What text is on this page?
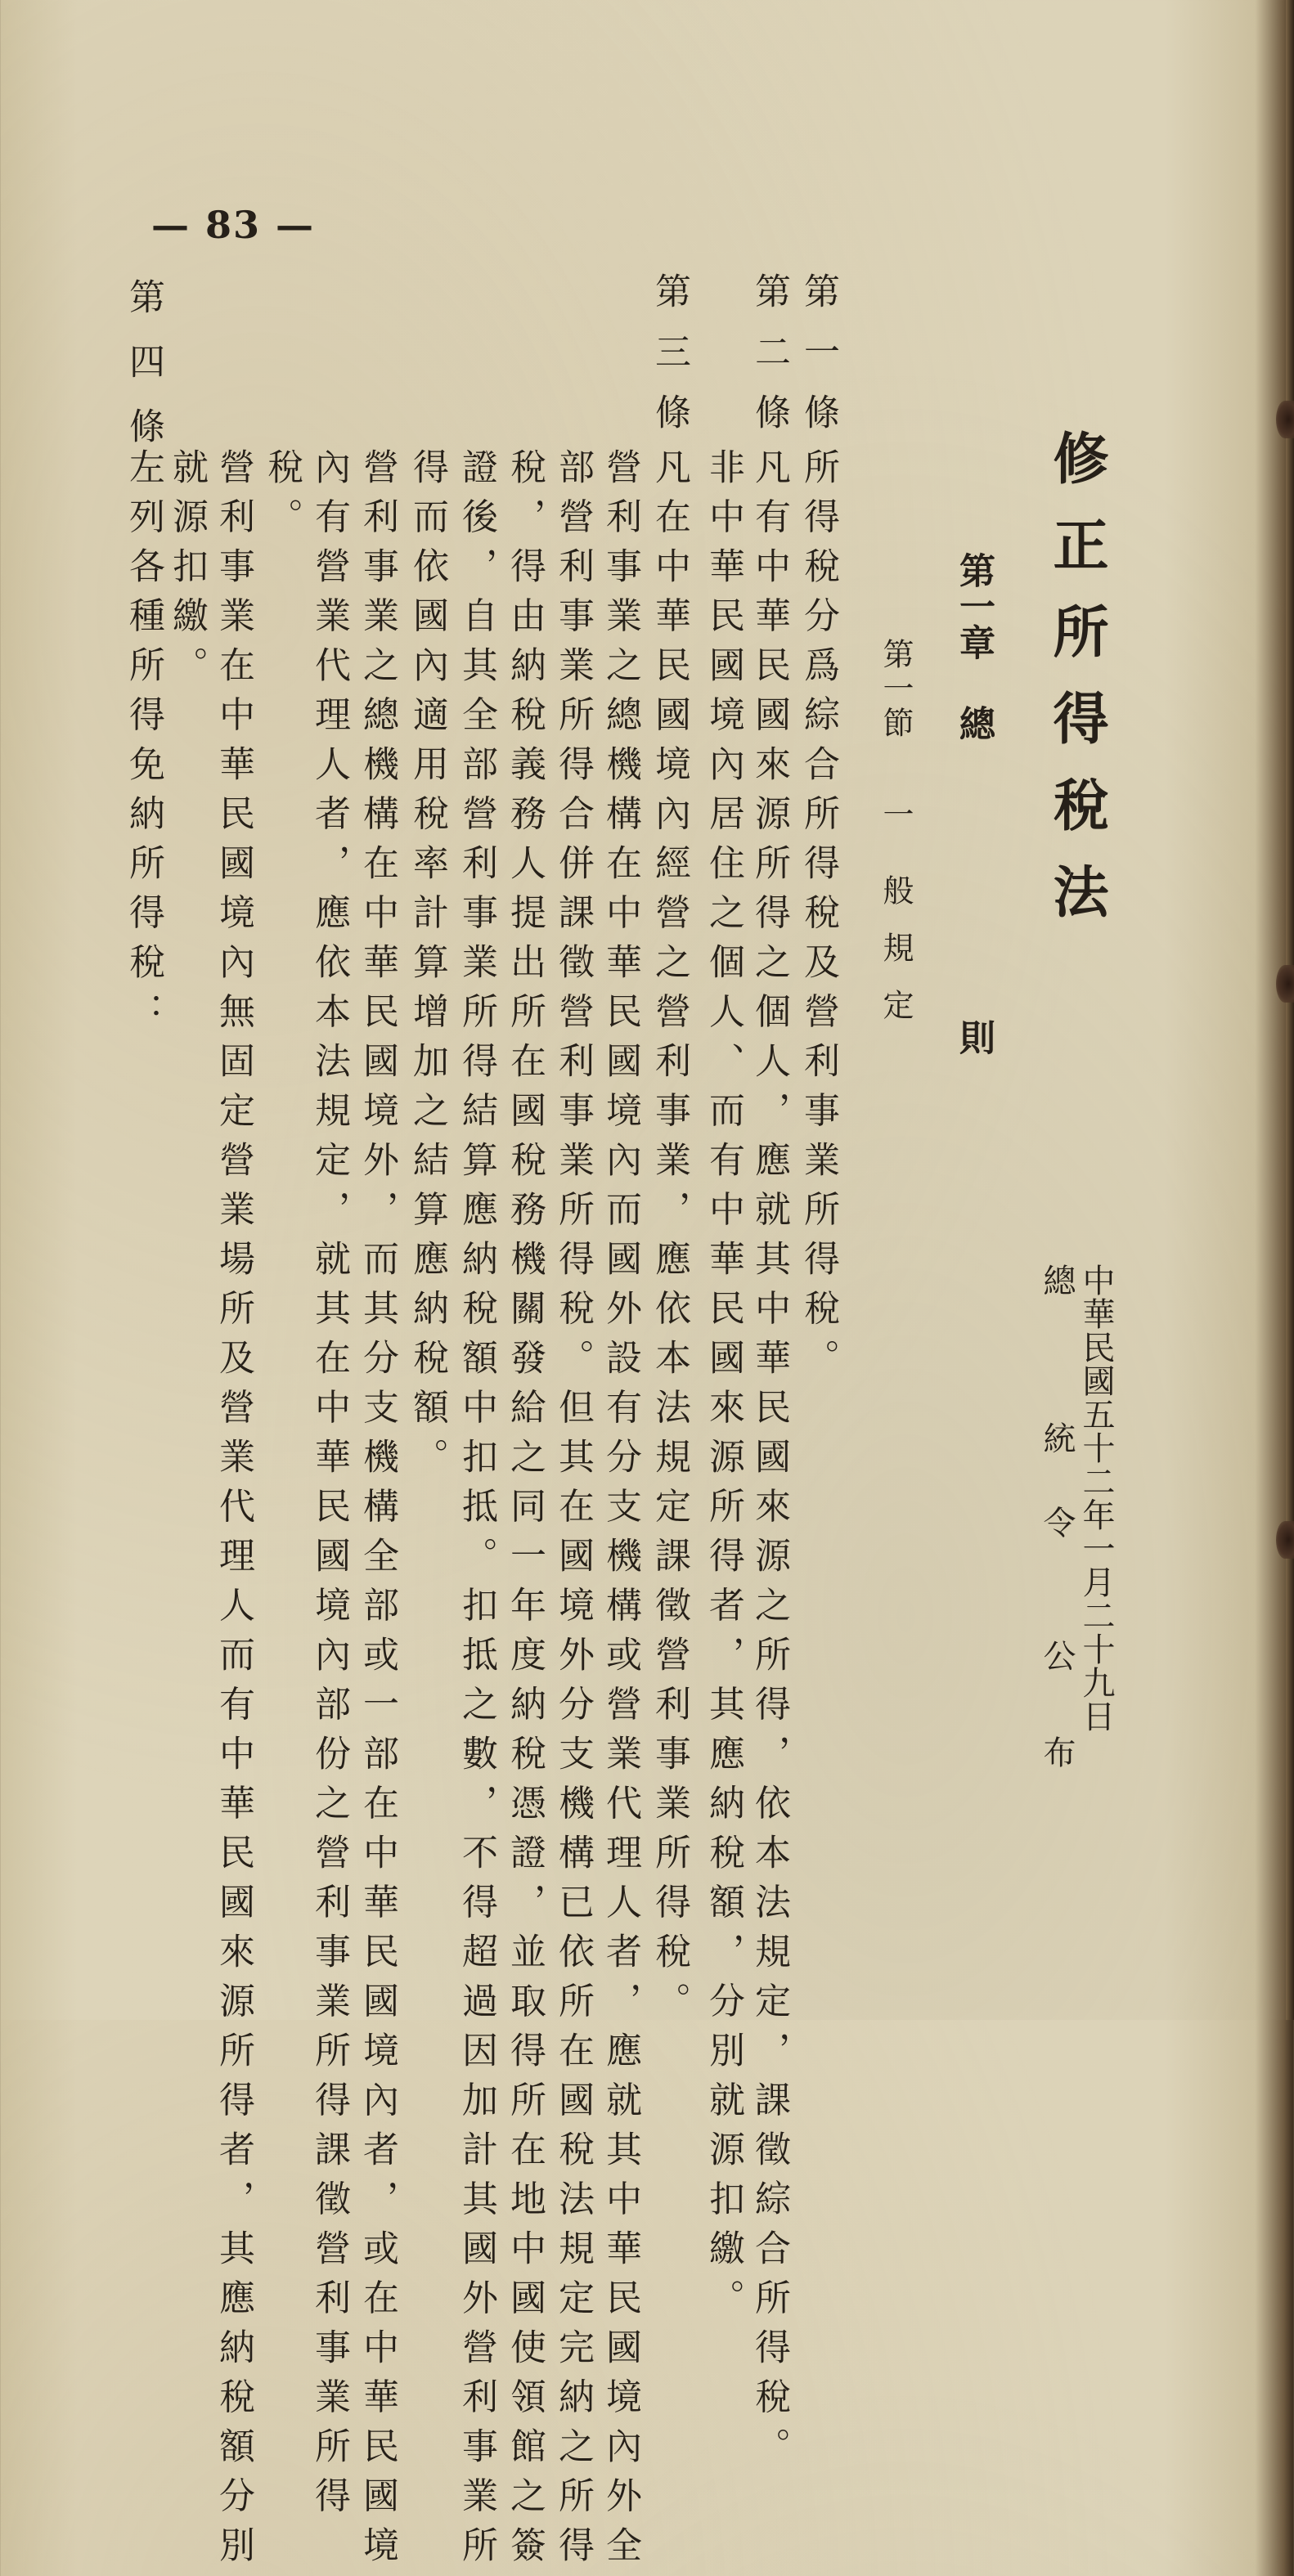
— 83 —
修正所得稅法
中華民國五十二年一月二十九日
總統令公布
第一章總則
第一節一般規定
第一條
所得稅分爲綜合所得稅及營利事業所得稅。
第二條
凡有中華民國來源所得之個人，應就其中華民國來源之所得，依本法規定，課徵綜合所得稅。
非中華民國境內居住之個人、而有中華民國來源所得者，其應納稅額，分別就源扣繳。
第三條
凡在中華民國境內經營之營利事業，應依本法規定課徵營利事業所得稅。
營利事業之總機構在中華民國境內而國外設有分支機構或營業代理人者，應就其中華民國境內外全
部營利事業所得合併課徵營利事業所得稅。但其在國境外分支機構已依所在國稅法規定完納之所得
稅，得由納稅義務人提出所在國稅務機關發給之同一年度納稅憑證，並取得所在地中國使領館之簽
證後，自其全部營利事業所得結算應納稅額中扣抵。扣抵之數，不得超過因加計其國外營利事業所
得而依國內適用稅率計算增加之結算應納稅額。
營利事業之總機構在中華民國境外，而其分支機構全部或一部在中華民國境內者，或在中華民國境
內有營業代理人者，應依本法規定，就其在中華民國境內部份之營利事業所得課徵營利事業所得
稅。
營利事業在中華民國境內無固定營業場所及營業代理人而有中華民國來源所得者，其應納稅額分別
就源扣繳。
第四條
左列各種所得免納所得稅：
